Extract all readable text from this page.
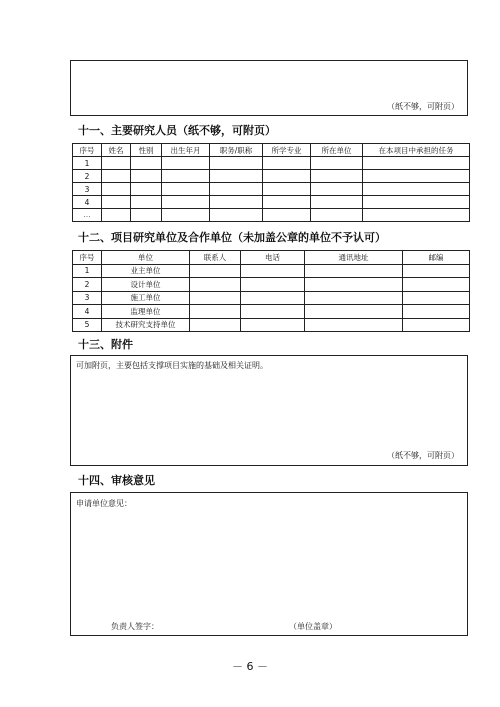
（纸不够，可附页）
十一、主要研究人员（纸不够，可附页）
序号	姓名	性别	出生年月	职务/职称	所学专业	所在单位	在本项目中承担的任务
1							
2							
3							
4							
…							
十二、项目研究单位及合作单位（未加盖公章的单位不予认可）
序号	单位	联系人	电话	通讯地址	邮编
1	业主单位				
2	设计单位				
3	施工单位				
4	监理单位				
5	技术研究支持单位				
十三、附件
可加附页，主要包括支撑项目实施的基础及相关证明。
（纸不够，可附页）
十四、审核意见
申请单位意见：
负责人签字：	（单位盖章）
－ 6 －
